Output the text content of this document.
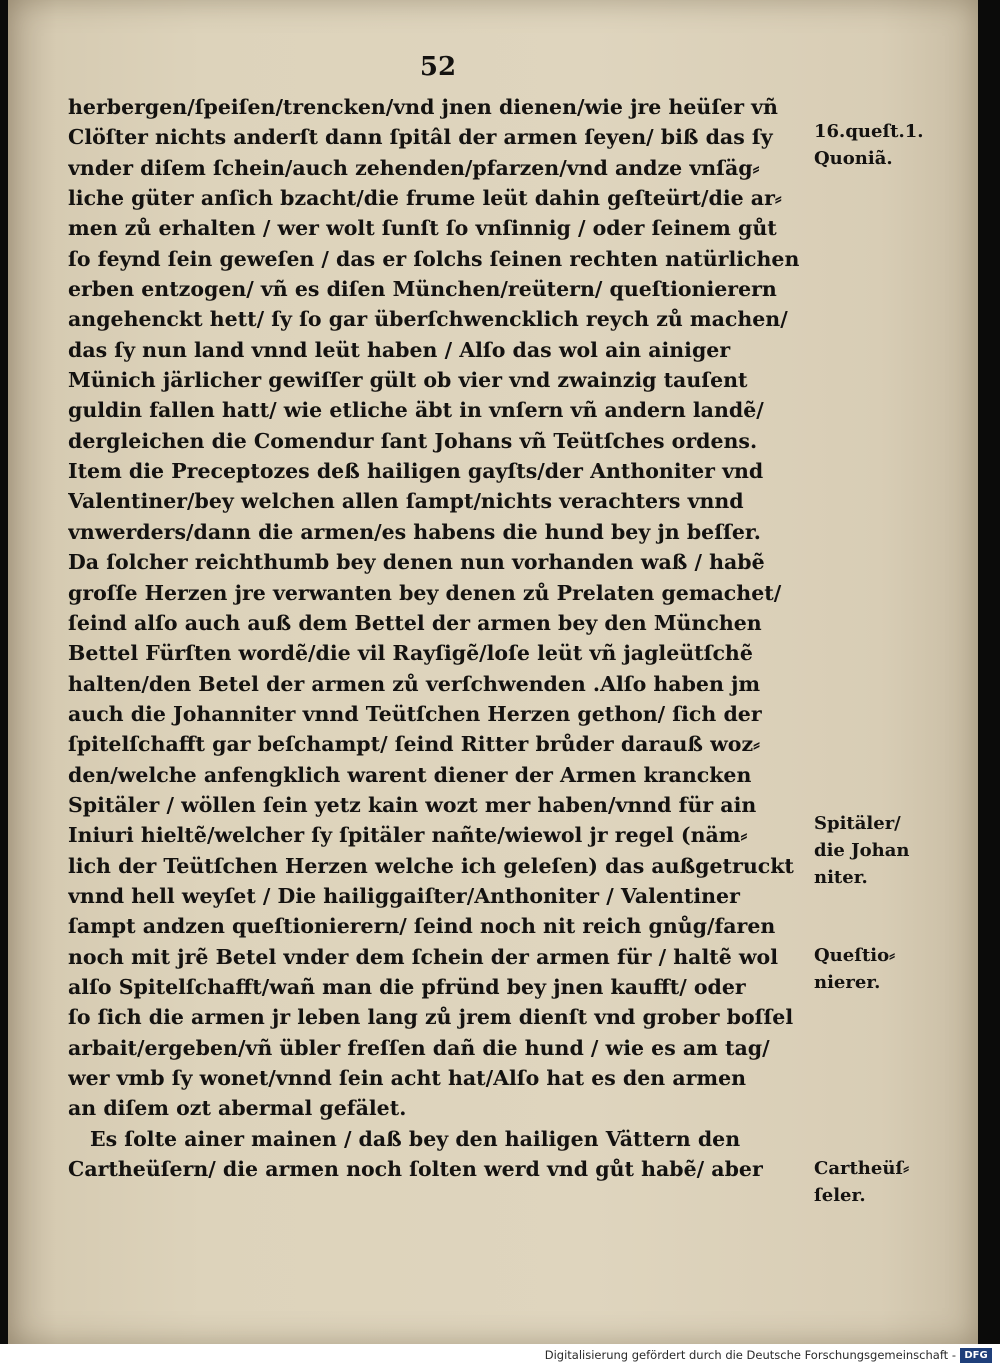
52

herbergen/ſpeiſen/trencken/vnd jnen dienen/wie jre heüſer vñ
Clöſter nichts anderſt dann ſpitâl der armen ſeyen/ biß das ſy
vnder diſem ſchein/auch zehenden/pfarzen/vnd andze vnſäg⸗
liche güter anſich bzacht/die frume leüt dahin geſteürt/die ar⸗
men zů erhalten / wer wolt ſunſt ſo vnſinnig / oder ſeinem gůt
ſo feynd ſein geweſen / das er ſolchs ſeinen rechten natürlichen
erben entzogen/ vñ es diſen München/reütern/ queſtionierern
angehenckt hett/ ſy ſo gar überſchwencklich reych zů machen/
das ſy nun land vnnd leüt haben / Alſo das wol ain ainiger
Münich järlicher gewiſſer gült ob vier vnd zwainzig tauſent
guldin fallen hatt/ wie etliche äbt in vnſern vñ andern landẽ/
dergleichen die Comendur ſant Johans vñ Teütſches ordens.
Item die Preceptozes deß hailigen gayſts/der Anthoniter vnd
Valentiner/bey welchen allen ſampt/nichts verachters vnnd
vnwerders/dann die armen/es habens die hund bey jn beſſer.
Da ſolcher reichthumb bey denen nun vorhanden waß / habẽ
groſſe Herzen jre verwanten bey denen zů Prelaten gemachet/
ſeind alſo auch auß dem Bettel der armen bey den München
Bettel Fürſten wordẽ/die vil Rayſigẽ/loſe leüt vñ jagleütſchẽ
halten/den Betel der armen zů verſchwenden .Alſo haben jm
auch die Johanniter vnnd Teütſchen Herzen gethon/ ſich der
ſpitelſchafft gar beſchampt/ ſeind Ritter brůder darauß woz⸗
den/welche anfengklich warent diener der Armen krancken
Spitäler / wöllen ſein yetz kain wozt mer haben/vnnd für ain
Iniuri hieltẽ/welcher ſy ſpitäler nañte/wiewol jr regel (näm⸗
lich der Teütſchen Herzen welche ich geleſen) das außgetruckt
vnnd hell weyſet / Die hailiggaiſter/Anthoniter / Valentiner
ſampt andzen queſtionierern/ ſeind noch nit reich gnůg/faren
noch mit jrẽ Betel vnder dem ſchein der armen für / haltẽ wol
alſo Spitelſchafft/wañ man die pfründ bey jnen kaufft/ oder
ſo ſich die armen jr leben lang zů jrem dienſt vnd grober boſſel
arbait/ergeben/vñ übler freſſen dañ die hund / wie es am tag/
wer vmb ſy wonet/vnnd ſein acht hat/Alſo hat es den armen
an diſem ozt abermal gefälet.
Es ſolte ainer mainen / daß bey den hailigen Vättern den
Cartheüſern/ die armen noch ſolten werd vnd gůt habẽ/ aber

16.queſt.1.
Quoniã.

Spitäler/
die Johan
niter.

Queſtio⸗
nierer.

Cartheüſ⸗
ſeler.

Digitalisierung gefördert durch die Deutsche Forschungsgemeinschaft - DFG
